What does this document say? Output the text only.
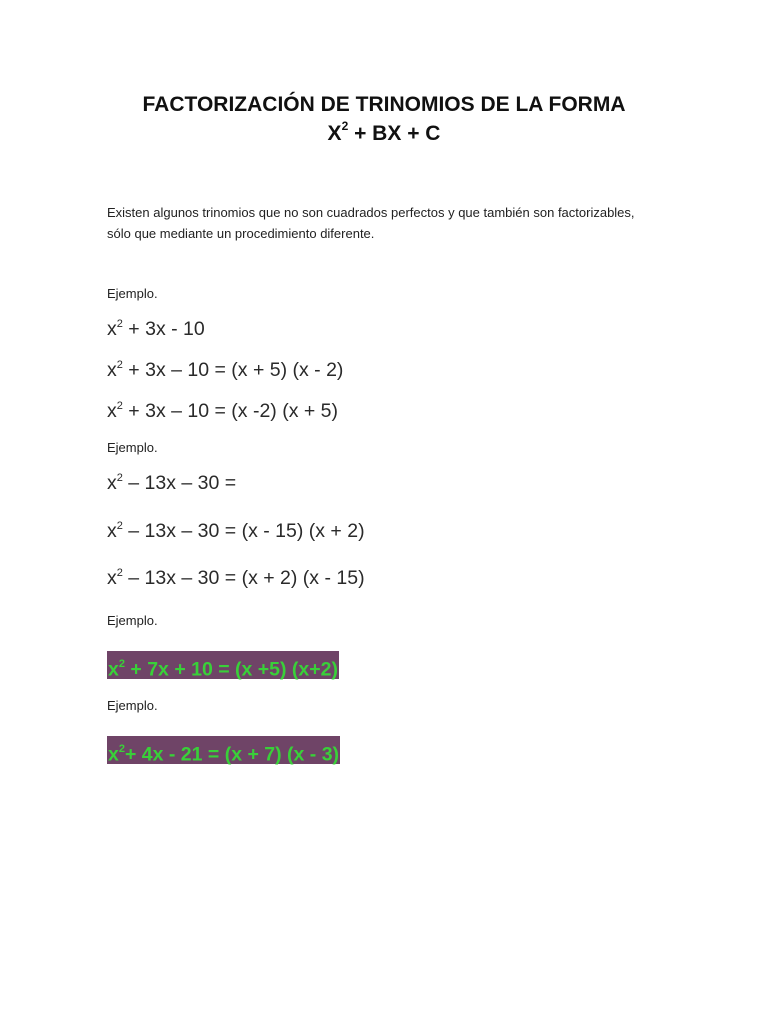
FACTORIZACIÓN DE TRINOMIOS DE LA FORMA
$X^2$ + BX + C
Existen algunos trinomios que no son cuadrados perfectos y que también son factorizables,
sólo que mediante un procedimiento diferente.
Ejemplo.
$x^2 + 3x - 10$
$x^2 + 3x - 10 = (x + 5)$ (x - 2)
$x^2 + 3x - 10 = (x$ -2) (x + 5)
Ejemplo.
$x^2 - 13x - 30$ =
$x^2 - 13x - 30 = (x - 15) (x + 2)$
$x^2 - 13x - 30 = (x + 2)$ (x - 15)
Ejemplo.
$x^2 + 7x + 10 = (x +5)$ (x+2)
Ejemplo.
$x^2+ 4x - 21 = (x + 7)$ (x - 3)
